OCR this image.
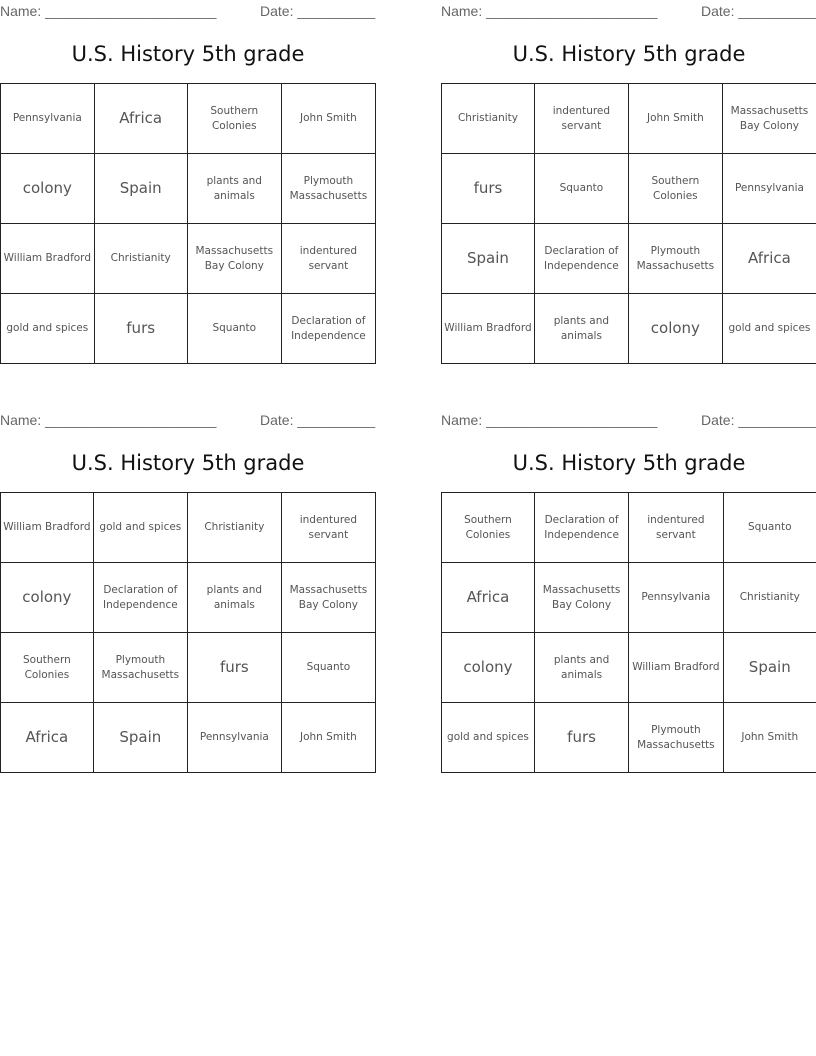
Name: ______________________	Date: __________
U.S. History 5th grade
Pennsylvania	Africa	Southern Colonies	John Smith
colony	Spain	plants and animals	Plymouth Massachusetts
William Bradford	Christianity	Massachusetts Bay Colony	indentured servant
gold and spices	furs	Squanto	Declaration of Independence
Name: ______________________	Date: __________
U.S. History 5th grade
Christianity	indentured servant	John Smith	Massachusetts Bay Colony
furs	Squanto	Southern Colonies	Pennsylvania
Spain	Declaration of Independence	Plymouth Massachusetts	Africa
William Bradford	plants and animals	colony	gold and spices
Name: ______________________	Date: __________
U.S. History 5th grade
William Bradford	gold and spices	Christianity	indentured servant
colony	Declaration of Independence	plants and animals	Massachusetts Bay Colony
Southern Colonies	Plymouth Massachusetts	furs	Squanto
Africa	Spain	Pennsylvania	John Smith
Name: ______________________	Date: __________
U.S. History 5th grade
Southern Colonies	Declaration of Independence	indentured servant	Squanto
Africa	Massachusetts Bay Colony	Pennsylvania	Christianity
colony	plants and animals	William Bradford	Spain
gold and spices	furs	Plymouth Massachusetts	John Smith
